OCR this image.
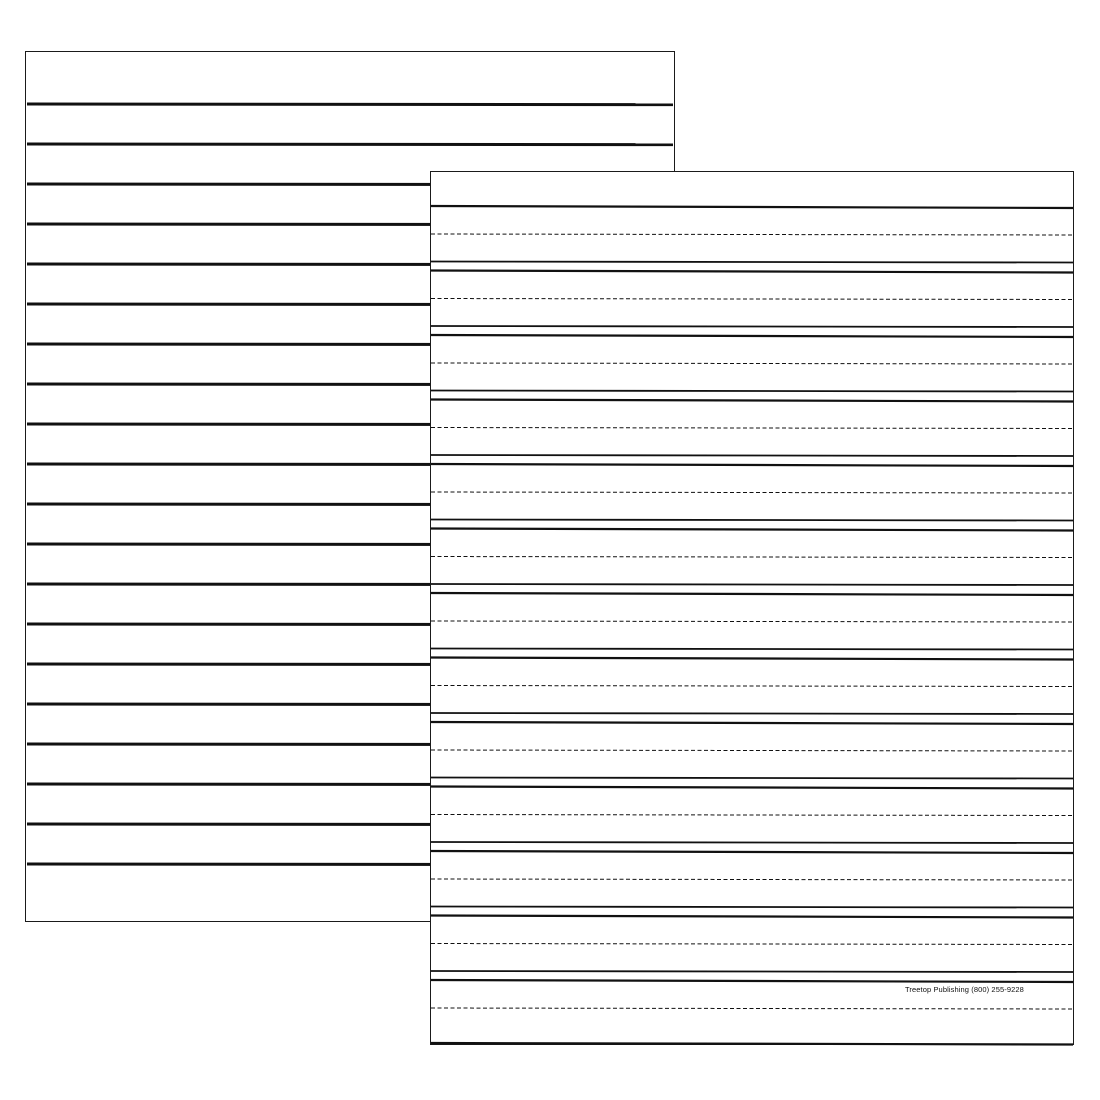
Treetop Publishing (800) 255-9228
